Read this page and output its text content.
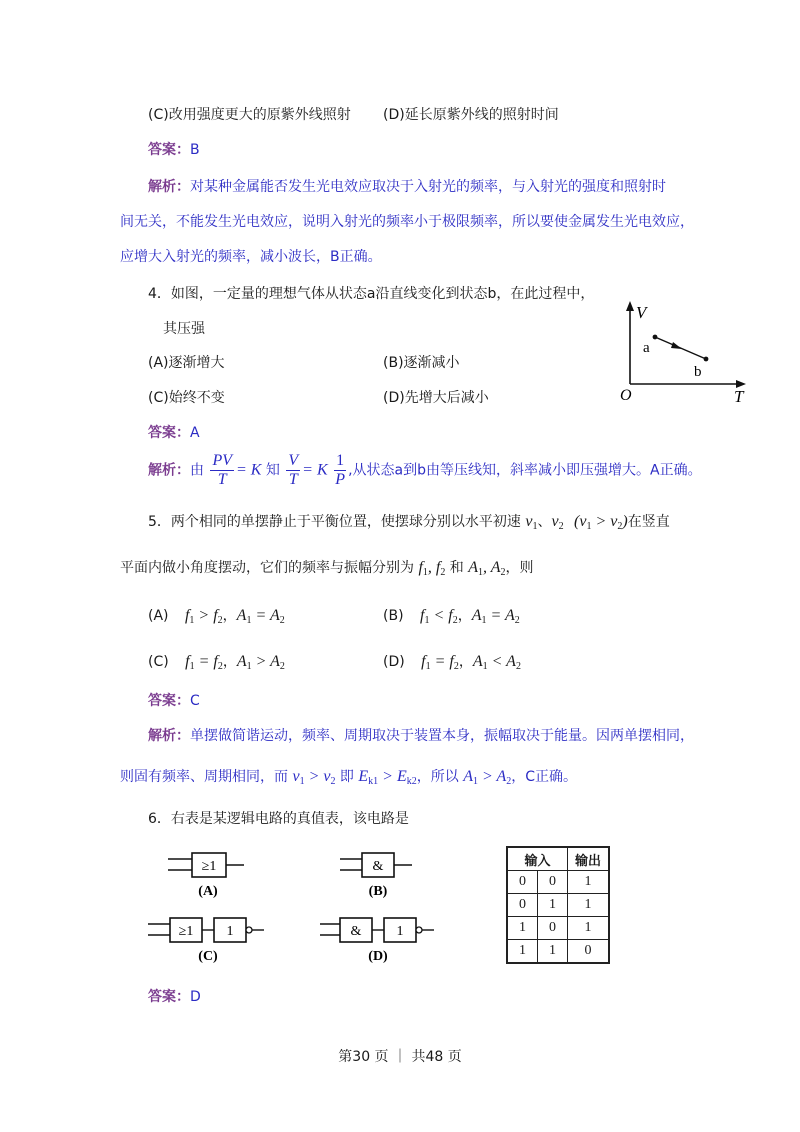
(C)改用强度更大的原紫外线照射 (D)延长原紫外线的照射时间
答案：B
解析：对某种金属能否发生光电效应取决于入射光的频率，与入射光的强度和照射时
间无关，不能发生光电效应，说明入射光的频率小于极限频率，所以要使金属发生光电效应，
应增大入射光的频率，减小波长，B正确。
4．如图，一定量的理想气体从状态a沿直线变化到状态b，在此过程中，
其压强
(A)逐渐增大	(B)逐渐减小
(C)始终不变	(D)先增大后减小
V
T
O
a
b
答案：A
解析：由 $\frac{PV}{T} = K$ 知 $\frac{V}{T} = K \frac{1}{P}$ ,从状态a到b由等压线知，斜率减小即压强增大。A正确。
5．两个相同的单摆静止于平衡位置，使摆球分别以水平初速 $v_1$、$v_2$ $(v_1 > v_2)$在竖直
平面内做小角度摆动，它们的频率与振幅分别为 $f_1$, $f_2$ 和 $A_1$, $A_2$，则
(A) $f_1 > f_2$，$A_1 = A_2$	(B) $f_1 < f_2$，$A_1 = A_2$
(C) $f_1 = f_2$，$A_1 > A_2$	(D) $f_1 = f_2$，$A_1 < A_2$
答案：C
解析：单摆做简谐运动，频率、周期取决于装置本身，振幅取决于能量。因两单摆相同，
则固有频率、周期相同，而 $v_1 > v_2$ 即 $E_{k1} > E_{k2}$，所以 $A_1 > A_2$，C正确。
6．右表是某逻辑电路的真值表，该电路是
≥1
(A)
&
(B)
≥1 1
(C)
&	1
(D)
输入		输出
0	0	1
0	1	1
1	0	1
1	1	0
答案：D
第30 页 ｜ 共48 页
